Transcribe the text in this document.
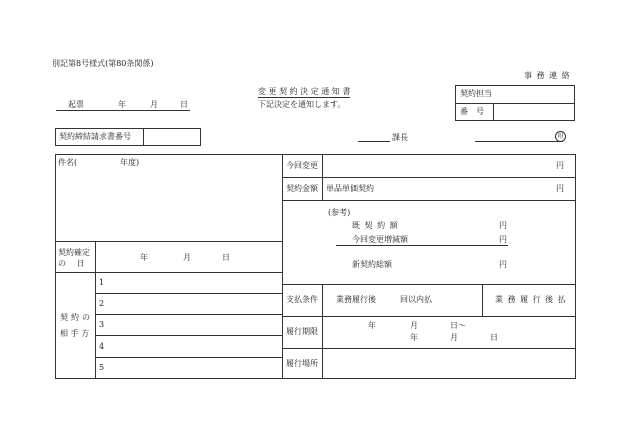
別記第8号様式(第80条関係)
事 務 連 絡
変 更 契 約 決 定 通 知 書
下記決定を通知します。
起票	年	月	日
契約担当
番　号
契約締結請求書番号	課長	印
件名(	年度)
契約確定
の　 日
年	月	日
契約の
相 手 方
1
2
3
4
5
今回変更	円
契約金額 単品単価契約	円
(参考)
既 契 約 額	円
今回変更増減額	円
新契約総額	円
支払条件 業務履行後	回以内払	業 務 履 行 後 払
履行期限
年	月	日〜
年	月	日
履行場所
